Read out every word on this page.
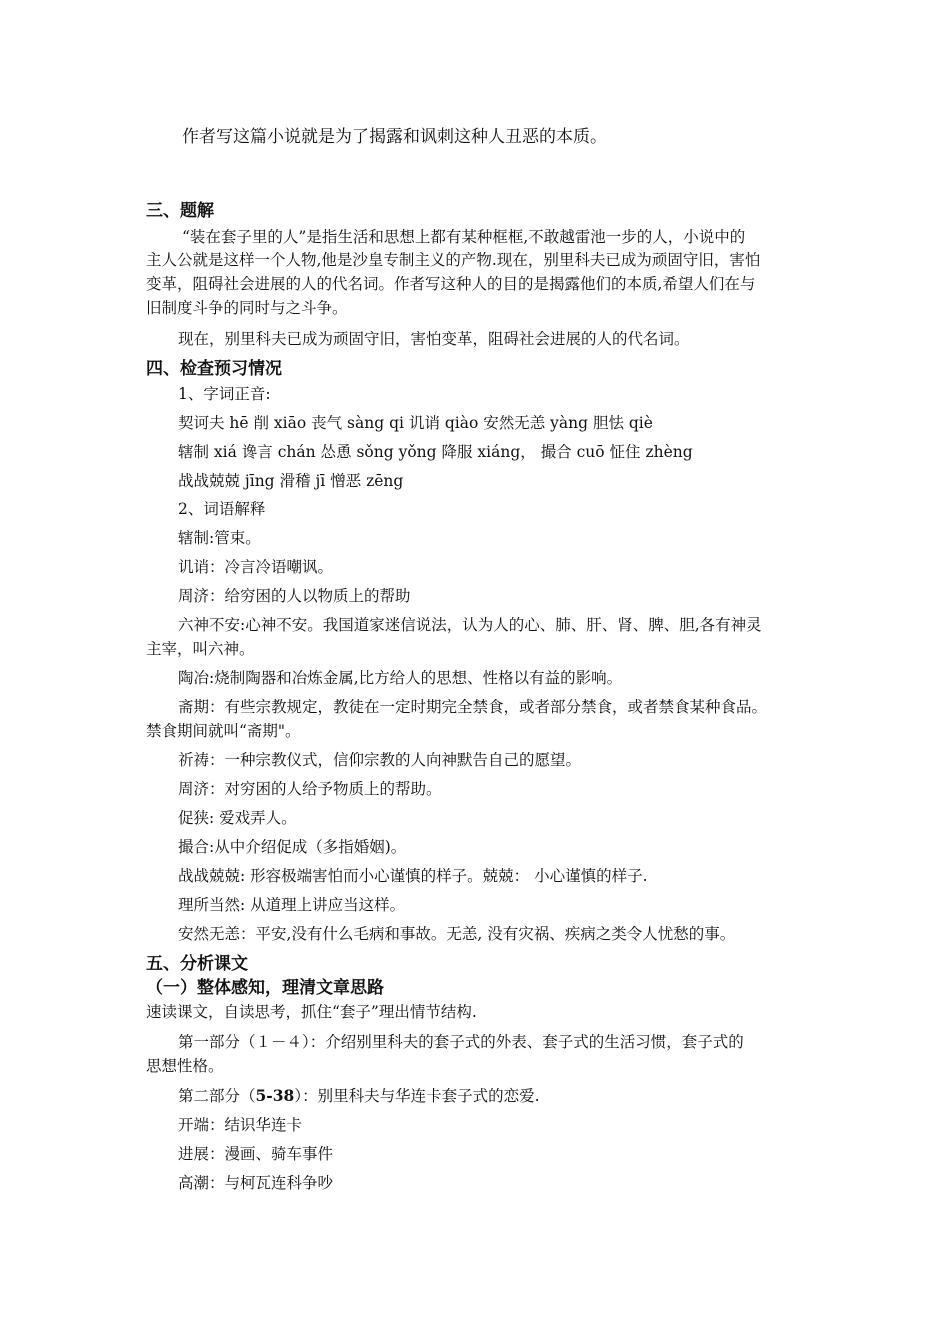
作者写这篇小说就是为了揭露和讽刺这种人丑恶的本质。

三、题解

“装在套子里的人”是指生活和思想上都有某种框框,不敢越雷池一步的人，小说中的

主人公就是这样一个人物,他是沙皇专制主义的产物.现在，别里科夫已成为顽固守旧，害怕

变革，阻碍社会进展的人的代名词。作者写这种人的目的是揭露他们的本质,希望人们在与

旧制度斗争的同时与之斗争。

现在，别里科夫已成为顽固守旧，害怕变革，阻碍社会进展的人的代名词。

四、检查预习情况

1、字词正音:

契诃夫 hē 削 xiāo 丧气 sàng qi 讥诮 qiào 安然无恙 yàng 胆怯 qiè

辖制 xiá 谗言 chán 怂恿 sǒng yǒng 降服 xiáng， 撮合 cuō 怔住 zhèng

战战兢兢 jīng 滑稽 jī 憎恶 zēng

2、词语解释

辖制:管束。

讥诮：冷言冷语嘲讽。

周济：给穷困的人以物质上的帮助

六神不安:心神不安。我国道家迷信说法，认为人的心、肺、肝、肾、脾、胆,各有神灵

主宰，叫六神。

陶冶:烧制陶器和冶炼金属,比方给人的思想、性格以有益的影响。

斋期：有些宗教规定，教徒在一定时期完全禁食，或者部分禁食，或者禁食某种食品。

禁食期间就叫“斋期"。

祈祷：一种宗教仪式，信仰宗教的人向神默告自己的愿望。

周济：对穷困的人给予物质上的帮助。

促狭: 爱戏弄人。

撮合:从中介绍促成（多指婚姻)。

战战兢兢: 形容极端害怕而小心谨慎的样子。兢兢： 小心谨慎的样子.

理所当然: 从道理上讲应当这样。

安然无恙：平安,没有什么毛病和事故。无恙, 没有灾祸、疾病之类令人忧愁的事。

五、分析课文

（一）整体感知，理清文章思路

速读课文，自读思考，抓住“套子”理出情节结构.

第一部分（１－４）：介绍别里科夫的套子式的外表、套子式的生活习惯，套子式的

思想性格。

第二部分（5-38）：别里科夫与华连卡套子式的恋爱.

开端：结识华连卡

进展：漫画、骑车事件

高潮：与柯瓦连科争吵
